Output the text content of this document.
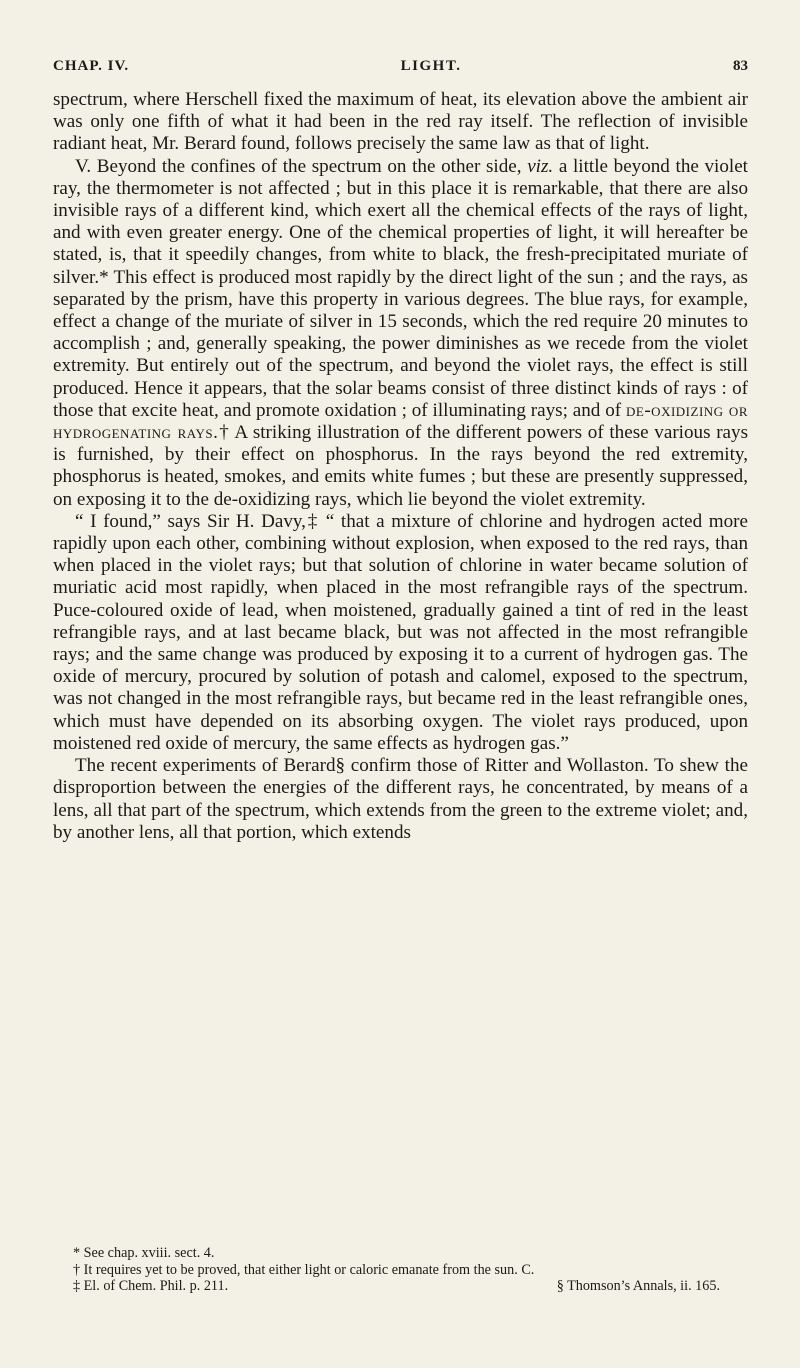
CHAP. IV.	LIGHT.	83

spectrum, where Herschell fixed the maximum of heat, its elevation above the ambient air was only one fifth of what it had been in the red ray itself. The reflection of invisible radiant heat, Mr. Berard found, follows precisely the same law as that of light.

V. Beyond the confines of the spectrum on the other side, viz. a little beyond the violet ray, the thermometer is not affected ; but in this place it is remarkable, that there are also invisible rays of a different kind, which exert all the chemical effects of the rays of light, and with even greater energy. One of the chemical properties of light, it will hereafter be stated, is, that it speedily changes, from white to black, the fresh-precipitated muriate of silver.* This effect is produced most rapidly by the direct light of the sun ; and the rays, as separated by the prism, have this property in various degrees. The blue rays, for example, effect a change of the muriate of silver in 15 seconds, which the red require 20 minutes to accomplish ; and, generally speaking, the power diminishes as we recede from the violet extremity. But entirely out of the spectrum, and beyond the violet rays, the effect is still produced. Hence it appears, that the solar beams consist of three distinct kinds of rays : of those that excite heat, and promote oxidation ; of illuminating rays; and of de-oxidizing or hydrogenating rays.† A striking illustration of the different powers of these various rays is furnished, by their effect on phosphorus. In the rays beyond the red extremity, phosphorus is heated, smokes, and emits white fumes ; but these are presently suppressed, on exposing it to the de-oxidizing rays, which lie beyond the violet extremity.

“ I found,” says Sir H. Davy,‡ “ that a mixture of chlorine and hydrogen acted more rapidly upon each other, combining without explosion, when exposed to the red rays, than when placed in the violet rays; but that solution of chlorine in water became solution of muriatic acid most rapidly, when placed in the most refrangible rays of the spectrum. Puce-coloured oxide of lead, when moistened, gradually gained a tint of red in the least refrangible rays, and at last became black, but was not affected in the most refrangible rays; and the same change was produced by exposing it to a current of hydrogen gas. The oxide of mercury, procured by solution of potash and calomel, exposed to the spectrum, was not changed in the most refrangible rays, but became red in the least refrangible ones, which must have depended on its absorbing oxygen. The violet rays produced, upon moistened red oxide of mercury, the same effects as hydrogen gas.”

The recent experiments of Berard§ confirm those of Ritter and Wollaston. To shew the disproportion between the energies of the different rays, he concentrated, by means of a lens, all that part of the spectrum, which extends from the green to the extreme violet; and, by another lens, all that portion, which extends

* See chap. xviii. sect. 4.

† It requires yet to be proved, that either light or caloric emanate from the sun. C.

‡ El. of Chem. Phil. p. 211.	§ Thomson’s Annals, ii. 165.
